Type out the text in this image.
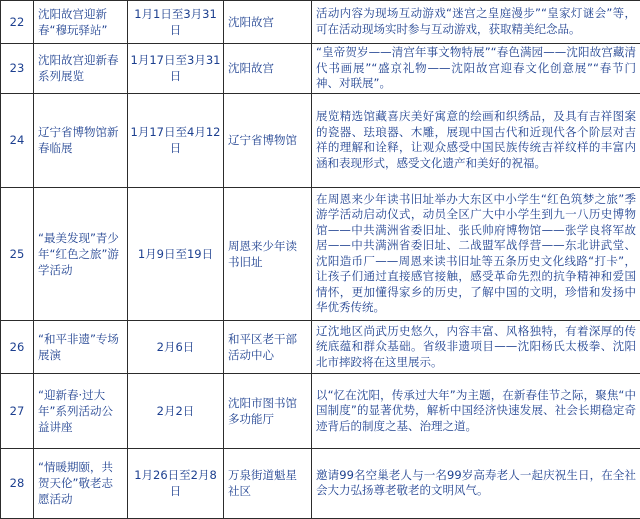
22	沈阳故宫迎新春“穆玩驿站”	1月1日至3月31日	沈阳故宫	活动内容为现场互动游戏“迷宫之皇庭漫步”“皇家灯谜会”等，可在活动现场实时参与互动游戏，获取精美纪念品。
23	沈阳故宫迎新春系列展览	1月17日至3月31日	沈阳故宫	“皇帝贺岁——清宫年事文物特展”“春色满园——沈阳故宫藏清代书画展”“盛京礼物——沈阳故宫迎春文化创意展”“春节门神、对联展”。
24	辽宁省博物馆新春临展	1月17日至4月12日	辽宁省博物馆	展览精选馆藏喜庆美好寓意的绘画和织绣品，及具有吉祥图案的瓷器、珐琅器、木雕，展现中国古代和近现代各个阶层对吉祥的理解和诠释，让观众感受中国民族传统吉祥纹样的丰富内涵和表现形式，感受文化遗产和美好的祝福。
25	“最美发现”青少年“红色之旅”游学活动	1月9日至19日	周恩来少年读书旧址	在周恩来少年读书旧址举办大东区中小学生“红色筑梦之旅”季游学活动启动仪式，动员全区广大中小学生到九一八历史博物馆——中共满洲省委旧址、张氏帅府博物馆——张学良将军故居——中共满洲省委旧址、二战盟军战俘营——东北讲武堂、沈阳造币厂——周恩来读书旧址等五条历史文化线路“打卡”，让孩子们通过直接感官接触，感受革命先烈的抗争精神和爱国情怀，更加懂得家乡的历史，了解中国的文明，珍惜和发扬中华优秀传统。
26	“和平非遗”专场展演	2月6日	和平区老干部活动中心	辽沈地区尚武历史悠久，内容丰富、风格独特，有着深厚的传统底蕴和群众基础。省级非遗项目——沈阳杨氏太极拳、沈阳北市摔跤将在这里展示。
27	“迎新春·过大年”系列活动公益讲座	2月2日	沈阳市图书馆多功能厅	以“忆在沈阳，传承过大年”为主题，在新春佳节之际，聚焦“中国制度”的显著优势，解析中国经济快速发展、社会长期稳定奇迹背后的制度之基、治理之道。
28	“情暖期颐，共贺天伦”敬老志愿活动	1月26日至2月8日	万泉街道魁星社区	邀请99名空巢老人与一名99岁高寿老人一起庆祝生日，在全社会大力弘扬尊老敬老的文明风气。
